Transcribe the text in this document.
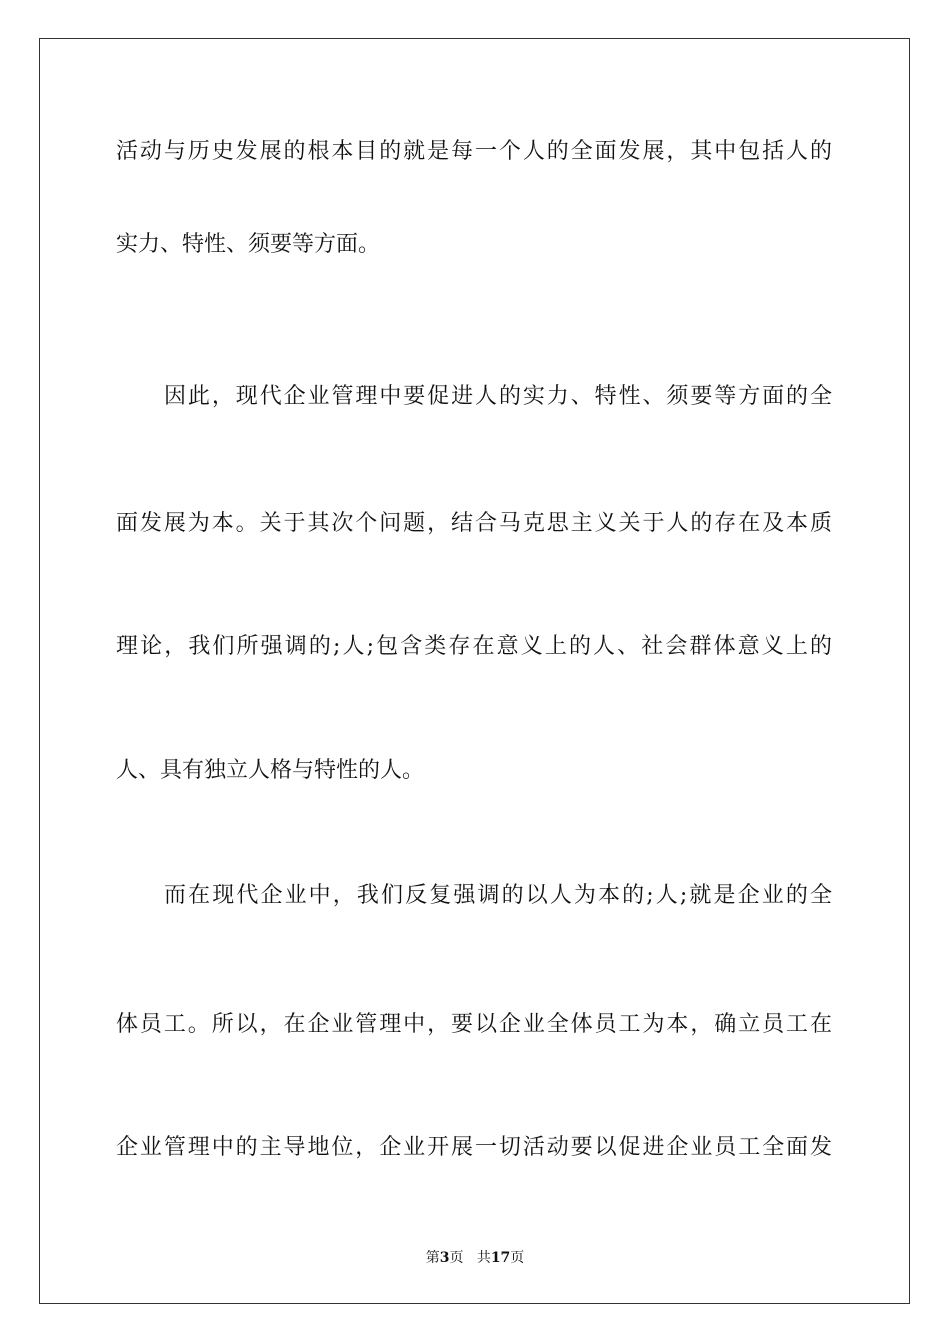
活动与历史发展的根本目的就是每一个人的全面发展，其中包括人的
实力、特性、须要等方面。
因此，现代企业管理中要促进人的实力、特性、须要等方面的全
面发展为本。关于其次个问题，结合马克思主义关于人的存在及本质
理论，我们所强调的;人;包含类存在意义上的人、社会群体意义上的
人、具有独立人格与特性的人。
而在现代企业中，我们反复强调的以人为本的;人;就是企业的全
体员工。所以，在企业管理中，要以企业全体员工为本，确立员工在
企业管理中的主导地位，企业开展一切活动要以促进企业员工全面发
第3页 共17页
